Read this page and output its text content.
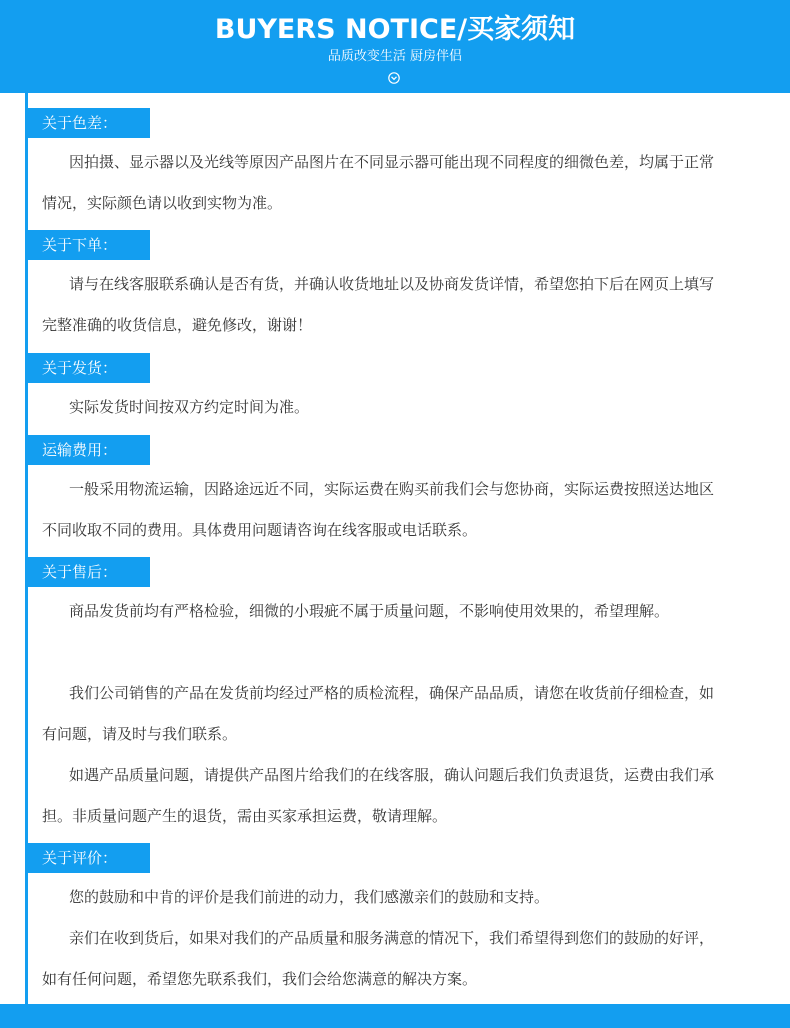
BUYERS NOTICE/买家须知
品质改变生活 厨房伴侣
关于色差：
因拍摄、显示器以及光线等原因产品图片在不同显示器可能出现不同程度的细微色差，均属于正常情况，实际颜色请以收到实物为准。
关于下单：
请与在线客服联系确认是否有货，并确认收货地址以及协商发货详情，希望您拍下后在网页上填写完整准确的收货信息，避免修改，谢谢！
关于发货：
实际发货时间按双方约定时间为准。
运输费用：
一般采用物流运输，因路途远近不同，实际运费在购买前我们会与您协商，实际运费按照送达地区不同收取不同的费用。具体费用问题请咨询在线客服或电话联系。
关于售后：
商品发货前均有严格检验，细微的小瑕疵不属于质量问题，不影响使用效果的，希望理解。
我们公司销售的产品在发货前均经过严格的质检流程，确保产品品质，请您在收货前仔细检查，如有问题，请及时与我们联系。
如遇产品质量问题，请提供产品图片给我们的在线客服，确认问题后我们负责退货，运费由我们承担。非质量问题产生的退货，需由买家承担运费，敬请理解。
关于评价：
您的鼓励和中肯的评价是我们前进的动力，我们感激亲们的鼓励和支持。
亲们在收到货后，如果对我们的产品质量和服务满意的情况下，我们希望得到您们的鼓励的好评，如有任何问题，希望您先联系我们，我们会给您满意的解决方案。
